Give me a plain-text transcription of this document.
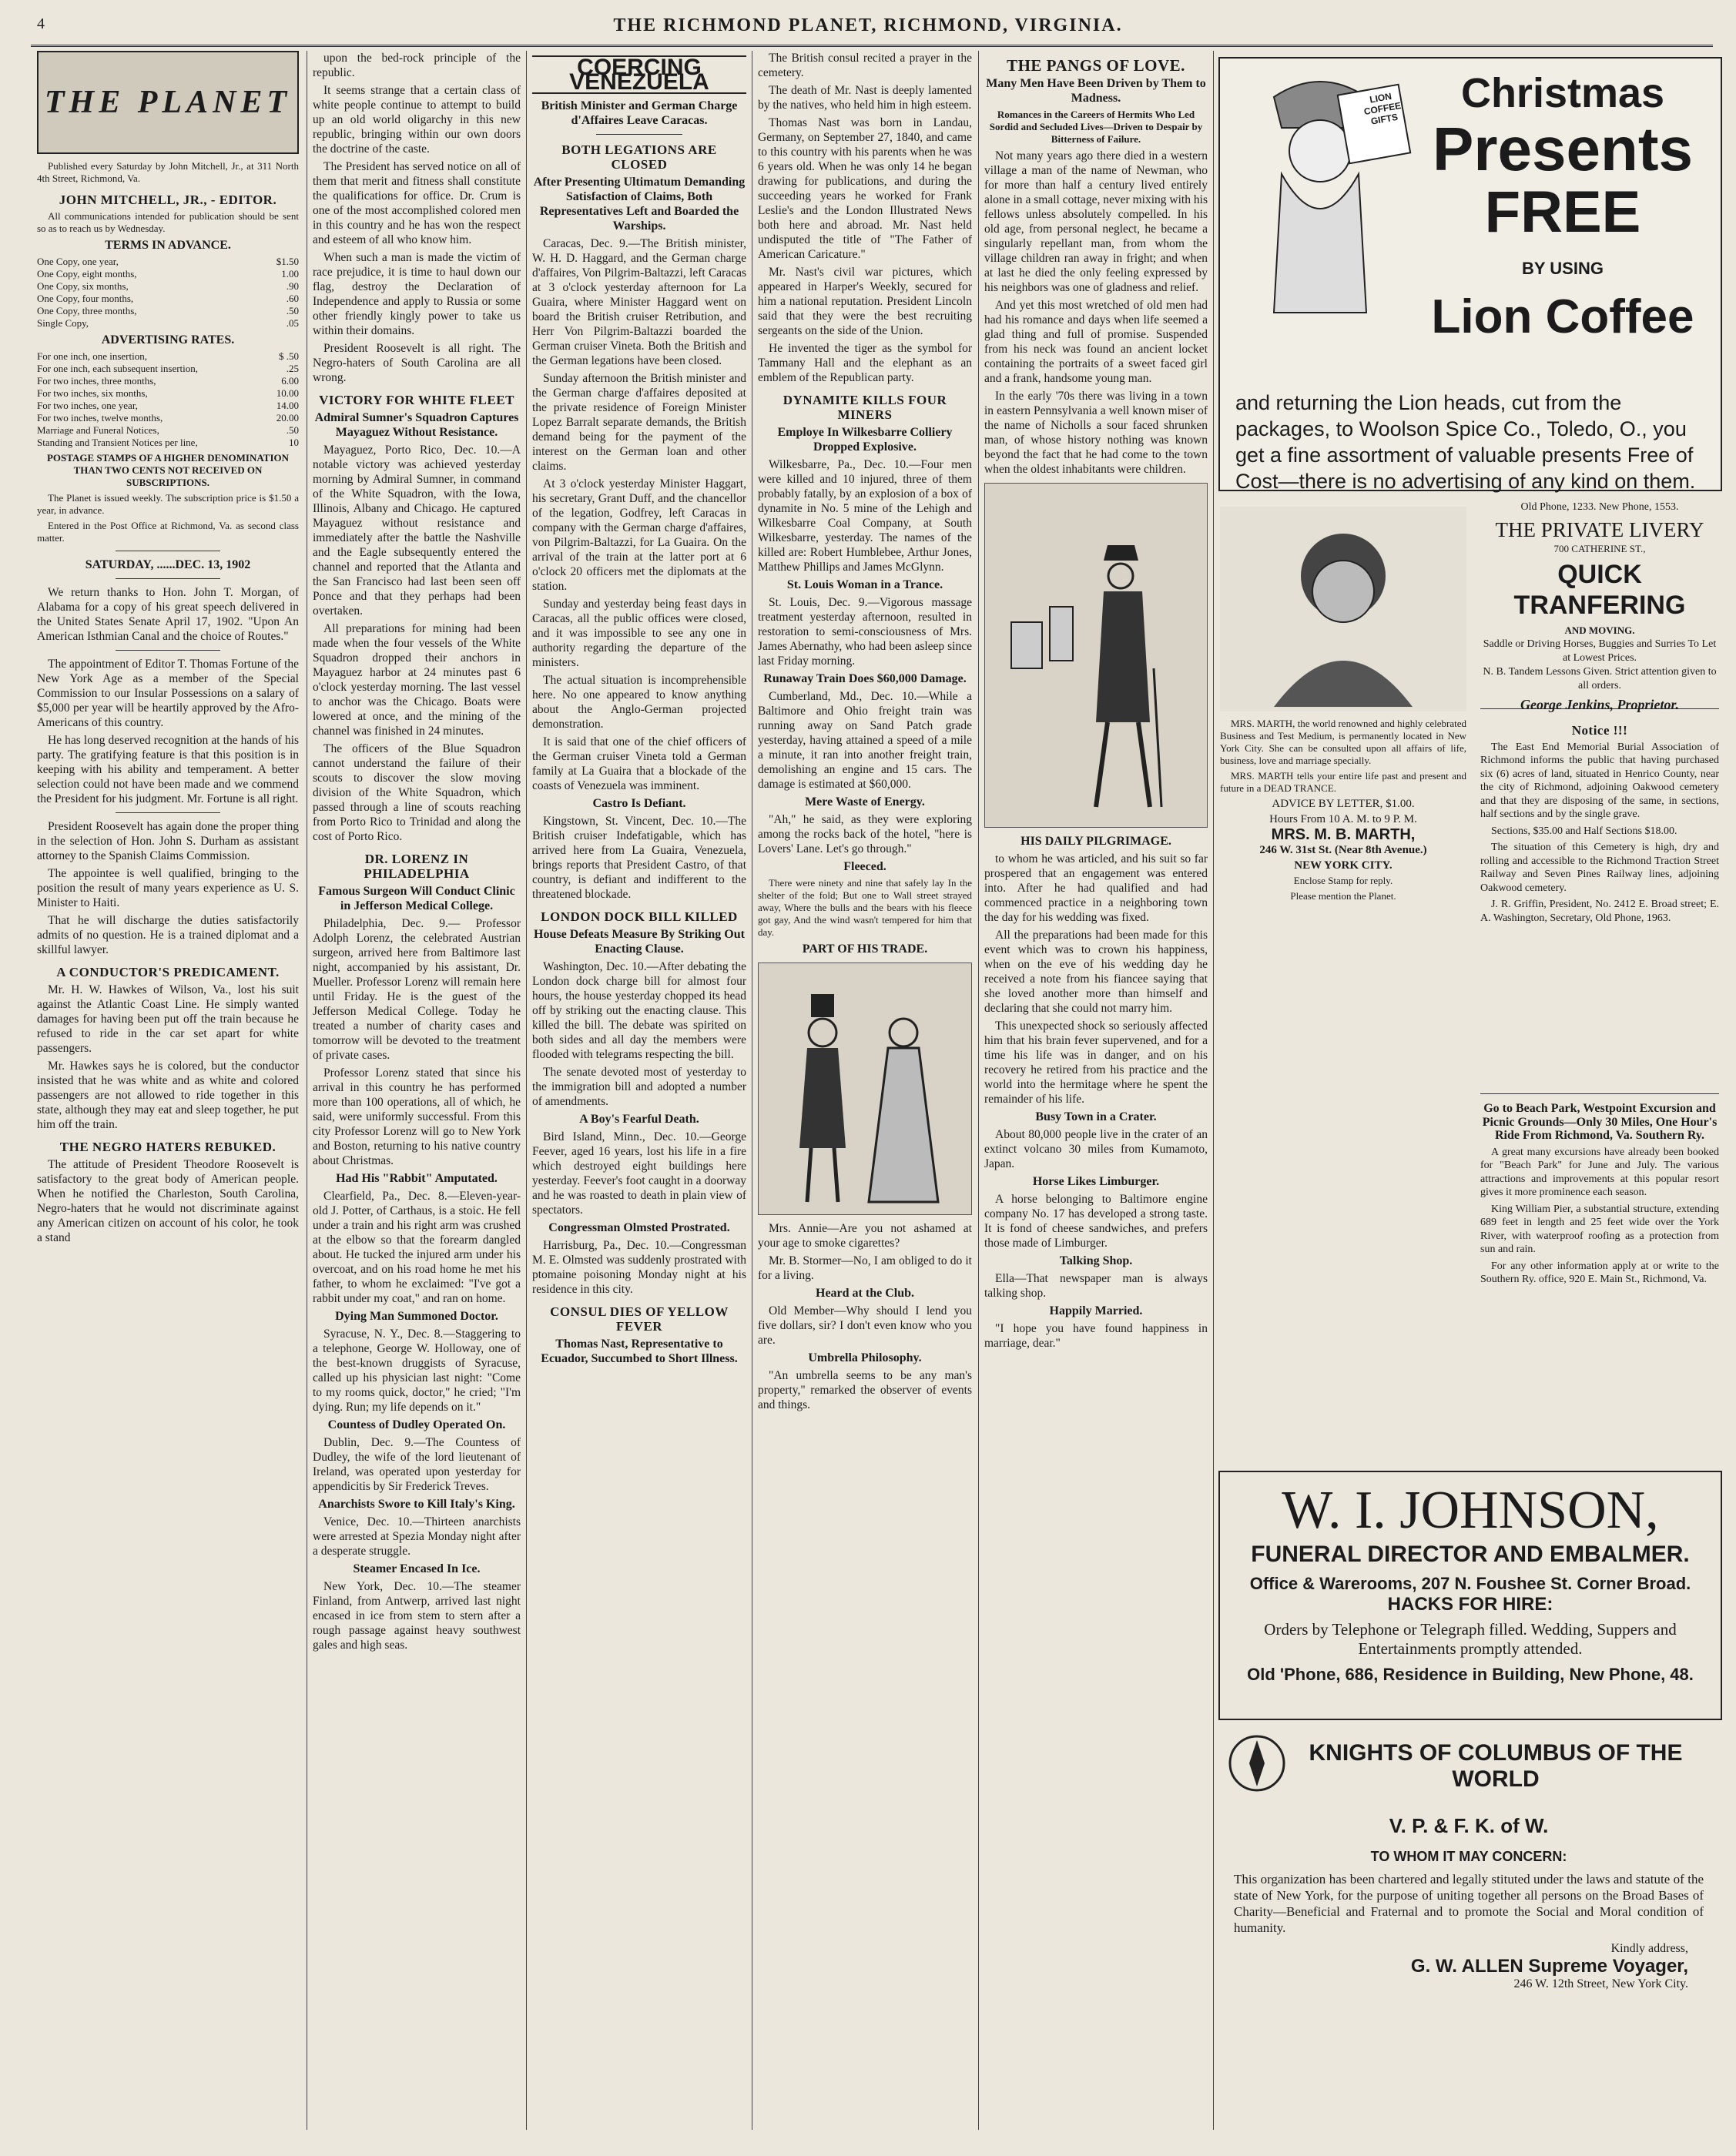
4	THE RICHMOND PLANET, RICHMOND, VIRGINIA.
THE PLANET

Published every Saturday by John Mitchell, Jr., at 311 North 4th Street, Richmond, Va.

JOHN MITCHELL, JR., - EDITOR.

All communications intended for publication should be sent so as to reach us by Wednesday.

TERMS IN ADVANCE.

One Copy, one year,	$1.50
One Copy, eight months,	1.00
One Copy, six months,	.90
One Copy, four months,	.60
One Copy, three months,	.50
Single Copy,	.05

ADVERTISING RATES.

For one inch, one insertion,	$ .50
For one inch, each subsequent insertion,	.25
For two inches, three months,	6.00
For two inches, six months,	10.00
For two inches, one year,	14.00
For two inches, twelve months,	20.00
Marriage and Funeral Notices,	.50
Standing and Transient Notices per line,	10

POSTAGE STAMPS OF A HIGHER DENOMINATION THAN TWO CENTS NOT RECEIVED ON SUBSCRIPTIONS.

The Planet is issued weekly. The subscription price is $1.50 a year, in advance.

Entered in the Post Office at Richmond, Va. as second class matter.

SATURDAY, ......DEC. 13, 1902

We return thanks to Hon. John T. Morgan, of Alabama for a copy of his great speech delivered in the United States Senate April 17, 1902. "Upon An American Isthmian Canal and the choice of Routes."

The appointment of Editor T. Thomas Fortune of the New York Age as a member of the Special Commission to our Insular Possessions on a salary of $5,000 per year will be heartily approved by the Afro-Americans of this country.

He has long deserved recognition at the hands of his party. The gratifying feature is that this position is in keeping with his ability and temperament. A better selection could not have been made and we commend the President for his judgment. Mr. Fortune is all right.

President Roosevelt has again done the proper thing in the selection of Hon. John S. Durham as assistant attorney to the Spanish Claims Commission.

The appointee is well qualified, bringing to the position the result of many years experience as U. S. Minister to Haiti.

That he will discharge the duties satisfactorily admits of no question. He is a trained diplomat and a skillful lawyer.

A CONDUCTOR'S PREDICAMENT.

Mr. H. W. Hawkes of Wilson, Va., lost his suit against the Atlantic Coast Line. He simply wanted damages for having been put off the train because he refused to ride in the car set apart for white passengers.

Mr. Hawkes says he is colored, but the conductor insisted that he was white and as white and colored passengers are not allowed to ride together in this state, although they may eat and sleep together, he put him off the train.

THE NEGRO HATERS REBUKED.

The attitude of President Theodore Roosevelt is satisfactory to the great body of American people. When he notified the Charleston, South Carolina, Negro-haters that he would not discriminate against any American citizen on account of his color, he took a stand

upon the bed-rock principle of the republic.

It seems strange that a certain class of white people continue to attempt to build up an old world oligarchy in this new republic, bringing within our own doors the doctrine of the caste.

The President has served notice on all of them that merit and fitness shall constitute the qualifications for office. Dr. Crum is one of the most accomplished colored men in this country and he has won the respect and esteem of all who know him.

When such a man is made the victim of race prejudice, it is time to haul down our flag, destroy the Declaration of Independence and apply to Russia or some other friendly kingly power to take us within their domains.

President Roosevelt is all right. The Negro-haters of South Carolina are all wrong.

VICTORY FOR WHITE FLEET

Admiral Sumner's Squadron Captures Mayaguez Without Resistance.

Mayaguez, Porto Rico, Dec. 10.—A notable victory was achieved yesterday morning by Admiral Sumner, in command of the White Squadron, with the Iowa, Illinois, Albany and Chicago. He captured Mayaguez without resistance and immediately after the battle the Nashville and the Eagle subsequently entered the channel and reported that the Atlanta and the San Francisco had last been seen off Ponce and that they perhaps had been overtaken.

All preparations for mining had been made when the four vessels of the White Squadron dropped their anchors in Mayaguez harbor at 24 minutes past 6 o'clock yesterday morning. The last vessel to anchor was the Chicago. Boats were lowered at once, and the mining of the channel was finished in 24 minutes.

The officers of the Blue Squadron cannot understand the failure of their scouts to discover the slow moving division of the White Squadron, which passed through a line of scouts reaching from Porto Rico to Trinidad and along the cost of Porto Rico.

DR. LORENZ IN PHILADELPHIA

Famous Surgeon Will Conduct Clinic in Jefferson Medical College.

Philadelphia, Dec. 9.— Professor Adolph Lorenz, the celebrated Austrian surgeon, arrived here from Baltimore last night, accompanied by his assistant, Dr. Mueller. Professor Lorenz will remain here until Friday. He is the guest of the Jefferson Medical College. Today he treated a number of charity cases and tomorrow will be devoted to the treatment of private cases.

Professor Lorenz stated that since his arrival in this country he has performed more than 100 operations, all of which, he said, were uniformly successful. From this city Professor Lorenz will go to New York and Boston, returning to his native country about Christmas.

Had His "Rabbit" Amputated.

Clearfield, Pa., Dec. 8.—Eleven-year-old J. Potter, of Carthaus, is a stoic. He fell under a train and his right arm was crushed at the elbow so that the forearm dangled about. He tucked the injured arm under his overcoat, and on his road home he met his father, to whom he exclaimed: "I've got a rabbit under my coat," and ran on home.

Dying Man Summoned Doctor.

Syracuse, N. Y., Dec. 8.—Staggering to a telephone, George W. Holloway, one of the best-known druggists of Syracuse, called up his physician last night: "Come to my rooms quick, doctor," he cried; "I'm dying. Run; my life depends on it."

Countess of Dudley Operated On.

Dublin, Dec. 9.—The Countess of Dudley, the wife of the lord lieutenant of Ireland, was operated upon yesterday for appendicitis by Sir Frederick Treves.

Anarchists Swore to Kill Italy's King.

Venice, Dec. 10.—Thirteen anarchists were arrested at Spezia Monday night after a desperate struggle.

Steamer Encased In Ice.

New York, Dec. 10.—The steamer Finland, from Antwerp, arrived last night encased in ice from stem to stern after a rough passage against heavy southwest gales and high seas.

COERCING VENEZUELA

British Minister and German Charge d'Affaires Leave Caracas.

BOTH LEGATIONS ARE CLOSED

After Presenting Ultimatum Demanding Satisfaction of Claims, Both Representatives Left and Boarded the Warships.

Caracas, Dec. 9.—The British minister, W. H. D. Haggard, and the German charge d'affaires, Von Pilgrim-Baltazzi, left Caracas at 3 o'clock yesterday afternoon for La Guaira, where Minister Haggard went on board the British cruiser Retribution, and Herr Von Pilgrim-Baltazzi boarded the German cruiser Vineta. Both the British and the German legations have been closed.

Sunday afternoon the British minister and the German charge d'affaires deposited at the private residence of Foreign Minister Lopez Barralt separate demands, the British demand being for the payment of the interest on the German loan and other claims.

At 3 o'clock yesterday Minister Haggart, his secretary, Grant Duff, and the chancellor of the legation, Godfrey, left Caracas in company with the German charge d'affaires, von Pilgrim-Baltazzi, for La Guaira. On the arrival of the train at the latter port at 6 o'clock 20 officers met the diplomats at the station.

Sunday and yesterday being feast days in Caracas, all the public offices were closed, and it was impossible to see any one in authority regarding the departure of the ministers.

The actual situation is incomprehensible here. No one appeared to know anything about the Anglo-German projected demonstration.

It is said that one of the chief officers of the German cruiser Vineta told a German family at La Guaira that a blockade of the coasts of Venezuela was imminent.

Castro Is Defiant.

Kingstown, St. Vincent, Dec. 10.—The British cruiser Indefatigable, which has arrived here from La Guaira, Venezuela, brings reports that President Castro, of that country, is defiant and indifferent to the threatened blockade.

LONDON DOCK BILL KILLED

House Defeats Measure By Striking Out Enacting Clause.

Washington, Dec. 10.—After debating the London dock charge bill for almost four hours, the house yesterday chopped its head off by striking out the enacting clause. This killed the bill. The debate was spirited on both sides and all day the members were flooded with telegrams respecting the bill.

The senate devoted most of yesterday to the immigration bill and adopted a number of amendments.

A Boy's Fearful Death.

Bird Island, Minn., Dec. 10.—George Feever, aged 16 years, lost his life in a fire which destroyed eight buildings here yesterday. Feever's foot caught in a doorway and he was roasted to death in plain view of spectators.

Congressman Olmsted Prostrated.

Harrisburg, Pa., Dec. 10.—Congressman M. E. Olmsted was suddenly prostrated with ptomaine poisoning Monday night at his residence in this city.

CONSUL DIES OF YELLOW FEVER

Thomas Nast, Representative to Ecuador, Succumbed to Short Illness.

The British consul recited a prayer in the cemetery.

The death of Mr. Nast is deeply lamented by the natives, who held him in high esteem.

Thomas Nast was born in Landau, Germany, on September 27, 1840, and came to this country with his parents when he was 6 years old. When he was only 14 he began drawing for publications, and during the succeeding years he worked for Frank Leslie's and the London Illustrated News both here and abroad. Mr. Nast held undisputed the title of "The Father of American Caricature."

Mr. Nast's civil war pictures, which appeared in Harper's Weekly, secured for him a national reputation. President Lincoln said that they were the best recruiting sergeants on the side of the Union.

He invented the tiger as the symbol for Tammany Hall and the elephant as an emblem of the Republican party.

DYNAMITE KILLS FOUR MINERS

Employe In Wilkesbarre Colliery Dropped Explosive.

Wilkesbarre, Pa., Dec. 10.—Four men were killed and 10 injured, three of them probably fatally, by an explosion of a box of dynamite in No. 5 mine of the Lehigh and Wilkesbarre Coal Company, at South Wilkesbarre, yesterday. The names of the killed are: Robert Humblebee, Arthur Jones, Matthew Phillips and James McGlynn.

St. Louis Woman in a Trance.

St. Louis, Dec. 9.—Vigorous massage treatment yesterday afternoon, resulted in restoration to semi-consciousness of Mrs. James Abernathy, who had been asleep since last Friday morning.

Runaway Train Does $60,000 Damage.

Cumberland, Md., Dec. 10.—While a Baltimore and Ohio freight train was running away on Sand Patch grade yesterday, having attained a speed of a mile a minute, it ran into another freight train, demolishing an engine and 15 cars. The damage is estimated at $60,000.

Mere Waste of Energy.

"Ah," he said, as they were exploring among the rocks back of the hotel, "here is Lovers' Lane. Let's go through."

Fleeced.

There were ninety and nine that safely lay In the shelter of the fold; But one to Wall street strayed away, Where the bulls and the bears with his fleece got gay, And the wind wasn't tempered for him that day.

PART OF HIS TRADE.

Mrs. Annie—Are you not ashamed at your age to smoke cigarettes?

Mr. B. Stormer—No, I am obliged to do it for a living.

Heard at the Club.

Old Member—Why should I lend you five dollars, sir? I don't even know who you are.

Umbrella Philosophy.

"An umbrella seems to be any man's property," remarked the observer of events and things.

THE PANGS OF LOVE.

Many Men Have Been Driven by Them to Madness.

Romances in the Careers of Hermits Who Led Sordid and Secluded Lives—Driven to Despair by Bitterness of Failure.

Not many years ago there died in a western village a man of the name of Newman, who for more than half a century lived entirely alone in a small cottage, never mixing with his fellows unless absolutely compelled. In his old age, from personal neglect, he became a singularly repellant man, from whom the village children ran away in fright; and when at last he died the only feeling expressed by his neighbors was one of gladness and relief.

And yet this most wretched of old men had had his romance and days when life seemed a glad thing and full of promise. Suspended from his neck was found an ancient locket containing the portraits of a sweet faced girl and a frank, handsome young man.

In the early '70s there was living in a town in eastern Pennsylvania a well known miser of the name of Nicholls a sour faced shrunken man, of whose history nothing was known beyond the fact that he had come to the town when the oldest inhabitants were children.

HIS DAILY PILGRIMAGE.

to whom he was articled, and his suit so far prospered that an engagement was entered into. After he had qualified and had commenced practice in a neighboring town the day for his wedding was fixed.

All the preparations had been made for this event which was to crown his happiness, when on the eve of his wedding day he received a note from his fiancee saying that she loved another more than himself and declaring that she could not marry him.

This unexpected shock so seriously affected him that his brain fever supervened, and for a time his life was in danger, and on his recovery he retired from his practice and the world into the hermitage where he spent the remainder of his life.

Busy Town in a Crater.

About 80,000 people live in the crater of an extinct volcano 30 miles from Kumamoto, Japan.

Horse Likes Limburger.

A horse belonging to Baltimore engine company No. 17 has developed a strong taste. It is fond of cheese sandwiches, and prefers those made of Limburger.

Talking Shop.

Ella—That newspaper man is always talking shop.

Happily Married.

"I hope you have found happiness in marriage, dear."

LION COFFEE GIFTS
Christmas
Presents
FREE
BY USING
Lion Coffee
and returning the Lion heads, cut from the packages, to Woolson Spice Co., Toledo, O., you get a fine assortment of valuable presents Free of Cost—there is no advertising of any kind on them.

MRS. MARTH, the world renowned and highly celebrated Business and Test Medium, is permanently located in New York City. She can be consulted upon all affairs of life, business, love and marriage specially.

MRS. MARTH tells your entire life past and present and future in a DEAD TRANCE.

ADVICE BY LETTER, $1.00.

Hours From 10 A. M. to 9 P. M.

MRS. M. B. MARTH,

246 W. 31st St. (Near 8th Avenue.)

NEW YORK CITY.

Enclose Stamp for reply.

Please mention the Planet.

Old Phone, 1233. New Phone, 1553.
THE PRIVATE LIVERY
700 CATHERINE ST.,
QUICK TRANFERING
AND MOVING.
Saddle or Driving Horses, Buggies and Surries To Let at Lowest Prices.
N. B. Tandem Lessons Given. Strict attention given to all orders.
George Jenkins, Proprietor.

Notice !!!

The East End Memorial Burial Association of Richmond informs the public that having purchased six (6) acres of land, situated in Henrico County, near the city of Richmond, adjoining Oakwood cemetery and that they are disposing of the same, in sections, half sections and by the single grave.

Sections, $35.00 and Half Sections $18.00.

The situation of this Cemetery is high, dry and rolling and accessible to the Richmond Traction Street Railway and Seven Pines Railway lines, adjoining Oakwood cemetery.

J. R. Griffin, President, No. 2412 E. Broad street; E. A. Washington, Secretary, Old Phone, 1963.

Go to Beach Park, Westpoint Excursion and Picnic Grounds—Only 30 Miles, One Hour's Ride From Richmond, Va. Southern Ry.

A great many excursions have already been booked for "Beach Park" for June and July. The various attractions and improvements at this popular resort gives it more prominence each season.

King William Pier, a substantial structure, extending 689 feet in length and 25 feet wide over the York River, with waterproof roofing as a protection from sun and rain.

For any other information apply at or write to the Southern Ry. office, 920 E. Main St., Richmond, Va.

W. I. JOHNSON,
FUNERAL DIRECTOR AND EMBALMER.
Office & Warerooms, 207 N. Foushee St. Corner Broad.
HACKS FOR HIRE:
Orders by Telephone or Telegraph filled. Wedding, Suppers and Entertainments promptly attended.
Old 'Phone, 686, Residence in Building, New Phone, 48.
KNIGHTS OF COLUMBUS OF THE WORLD
V. P. & F. K. of W.
TO WHOM IT MAY CONCERN:
This organization has been chartered and legally stituted under the laws and statute of the state of New York, for the purpose of uniting together all persons on the Broad Bases of Charity—Beneficial and Fraternal and to promote the Social and Moral condition of humanity.
Kindly address,
G. W. ALLEN Supreme Voyager,
246 W. 12th Street, New York City.
